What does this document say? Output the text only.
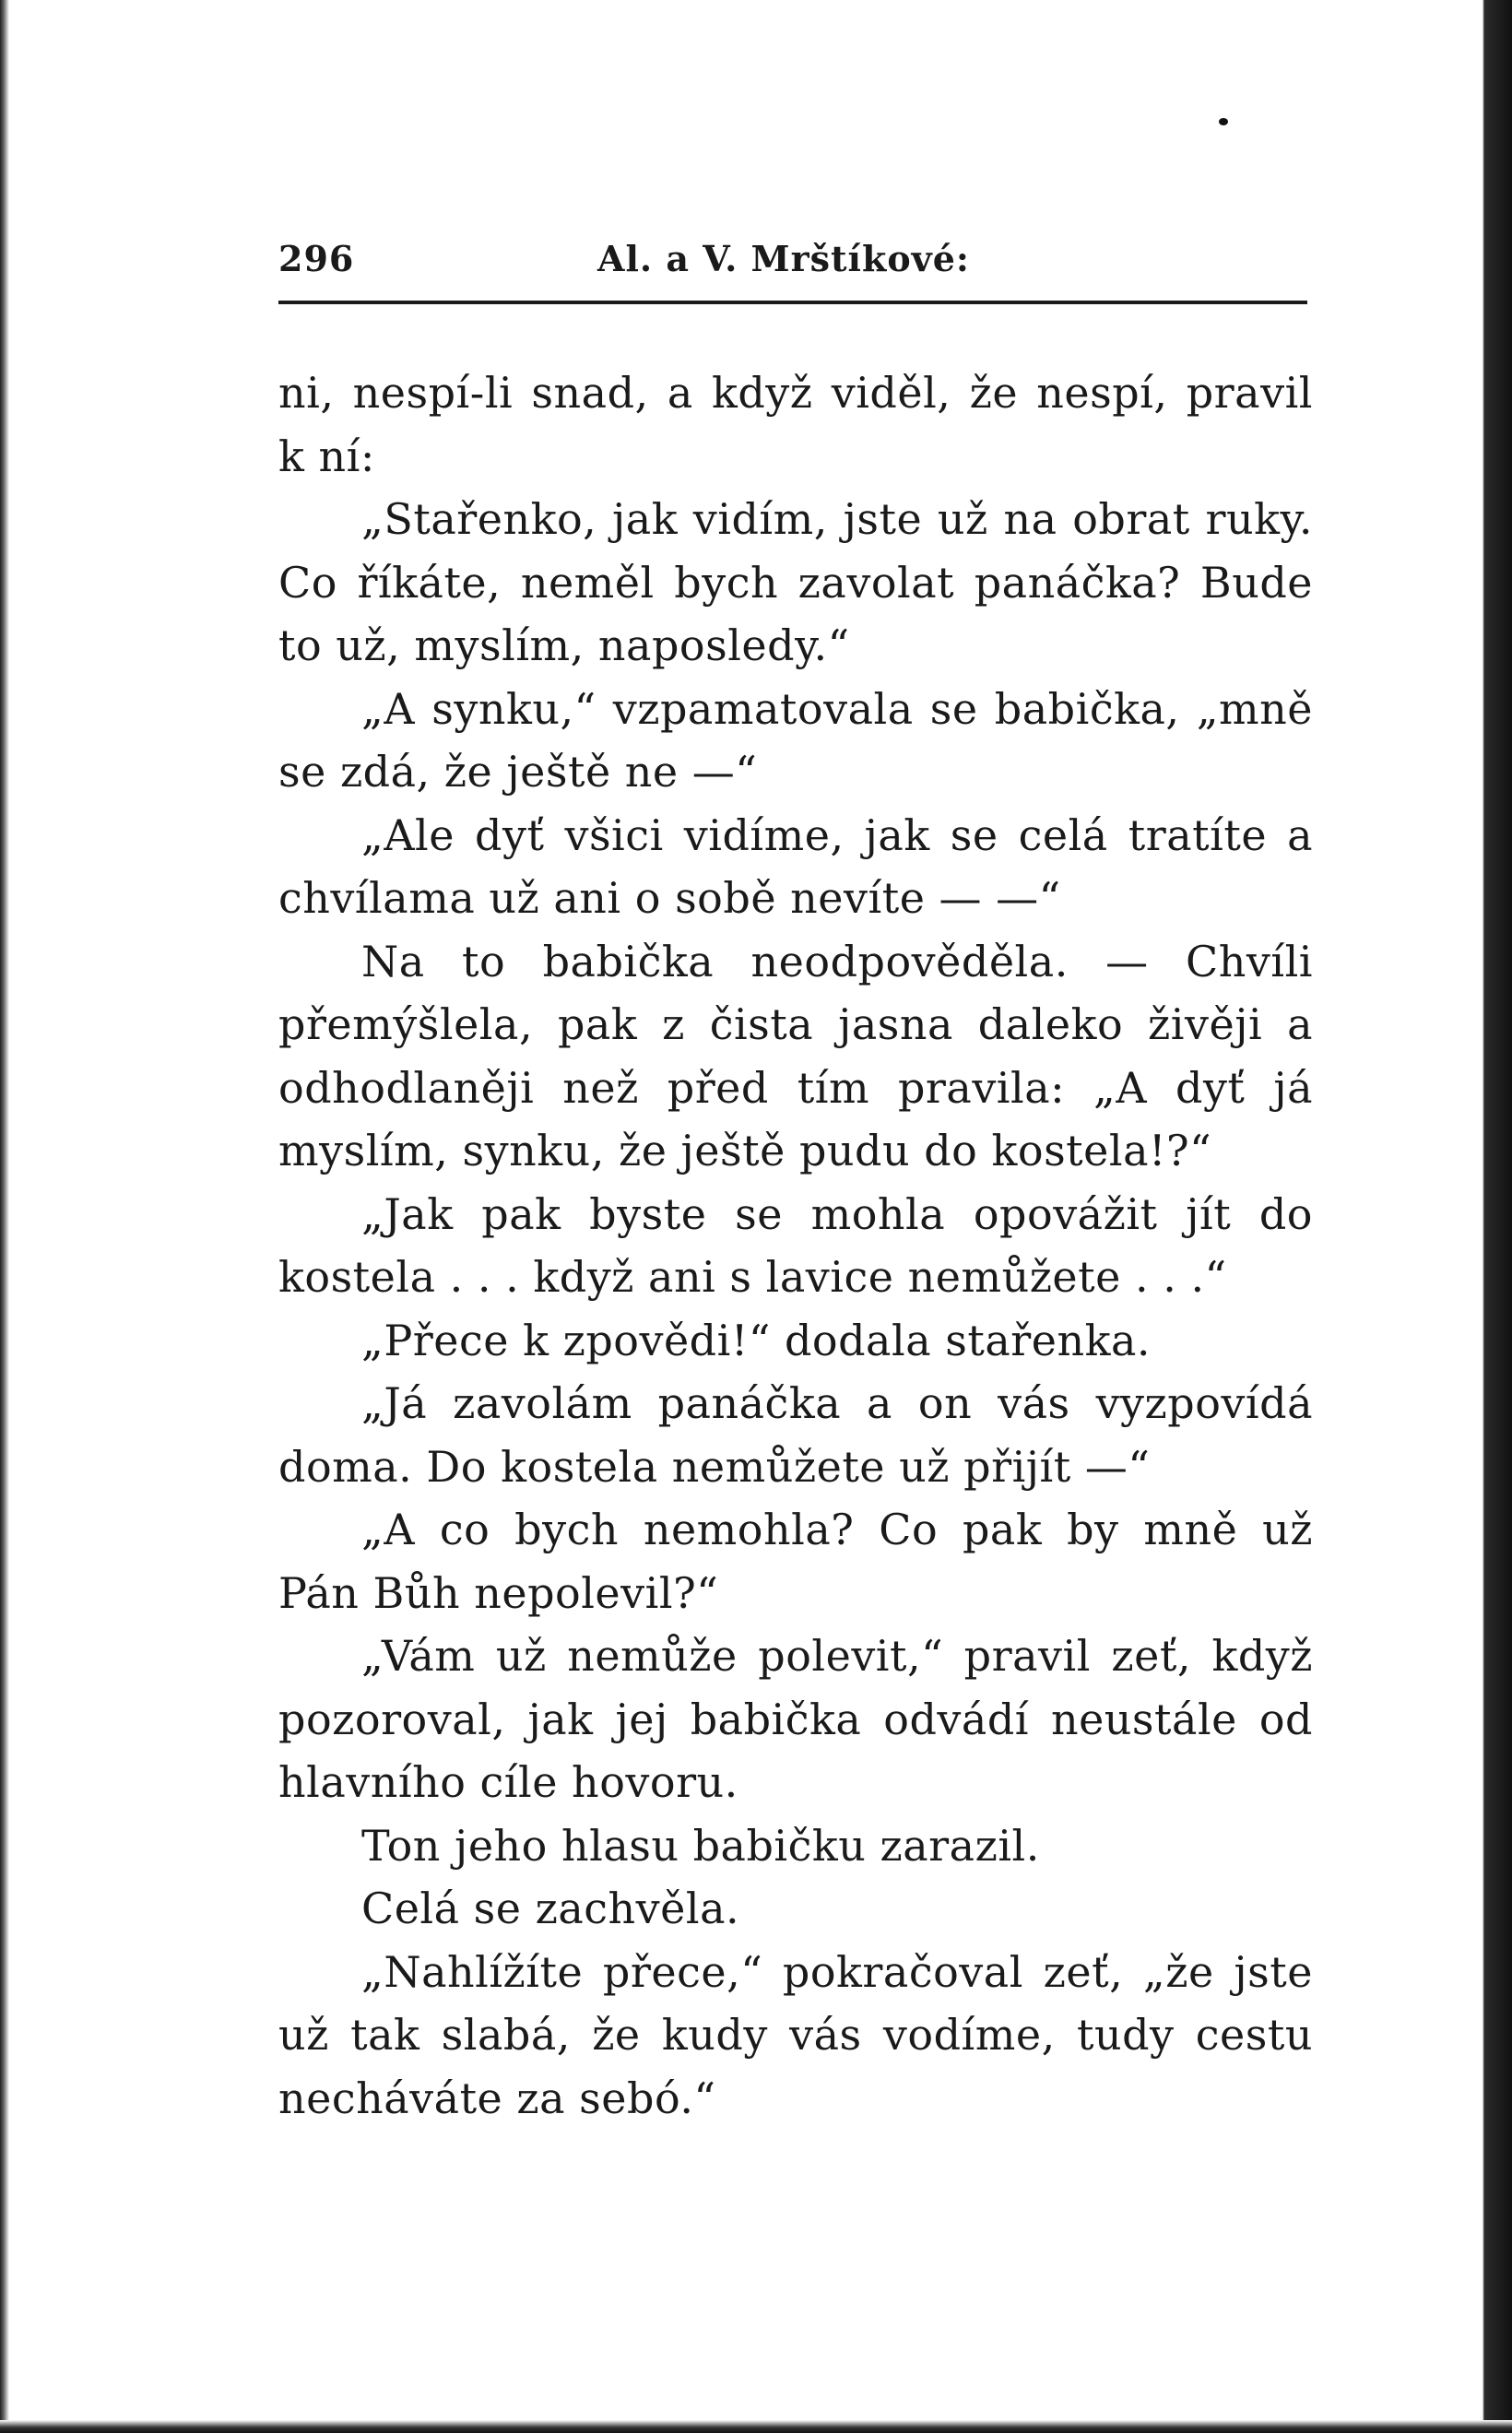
296	Al. a V. Mrštíkové:

ni, nespí-li snad, a když viděl, že nespí, pravil k ní:

„Stařenko, jak vidím, jste už na obrat ruky. Co říkáte, neměl bych zavolat panáčka? Bude to už, myslím, naposledy.“

„A synku,“ vzpamatovala se babička, „mně se zdá, že ještě ne —“

„Ale dyť všici vidíme, jak se celá tratíte a chvílama už ani o sobě nevíte — —“

Na to babička neodpověděla. — Chvíli přemýšlela, pak z čista jasna daleko živěji a odhodlaněji než před tím pravila: „A dyť já myslím, synku, že ještě pudu do kostela!?“

„Jak pak byste se mohla opovážit jít do kostela . . . když ani s lavice nemůžete . . .“

„Přece k zpovědi!“ dodala stařenka.

„Já zavolám panáčka a on vás vyzpovídá doma. Do kostela nemůžete už přijít —“

„A co bych nemohla? Co pak by mně už Pán Bůh nepolevil?“

„Vám už nemůže polevit,“ pravil zeť, když pozoroval, jak jej babička odvádí neustále od hlavního cíle hovoru.

Ton jeho hlasu babičku zarazil.

Celá se zachvěla.

„Nahlížíte přece,“ pokračoval zeť, „že jste už tak slabá, že kudy vás vodíme, tudy cestu necháváte za sebó.“
